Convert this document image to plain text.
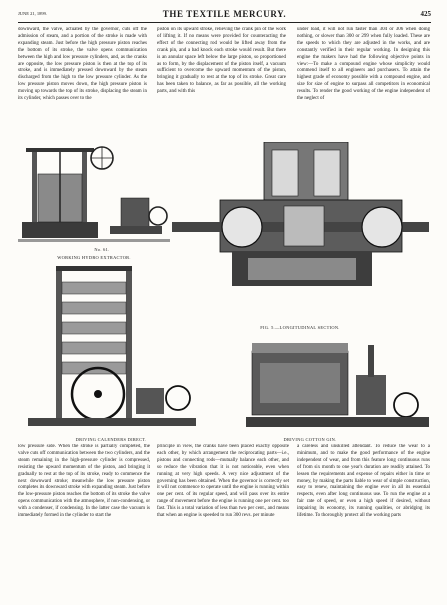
JUNE 21, 1899.	THE TEXTILE MERCURY.	425
downward, the valve, actuated by the governor, cuts off the admission of steam, and a portion of the stroke is made with expanding steam. Just before the high pressure piston reaches the bottom of its stroke, the valve opens communication between the high and low pressure cylinders, and, as the cranks are opposite, the low pressure piston is then at the top of its stroke, and is immediately pressed downward by the steam discharged from the high to the low pressure cylinder. As the low pressure piston moves down, the high pressure piston is moving up towards the top of its stroke, displacing the steam in its cylinder, which passes over to the
piston on its upward stroke, relieving the crank pin of the work of lifting it. If no means were provided for counteracting the effect of the connecting rod would be lifted away from the crank pin, and a bad knock each stroke would result. But there is an annular space left below the large piston, so proportioned as to form, by the displacement of the piston itself, a vacuum sufficient to overcome the upward momentum of the piston, bringing it gradually to rest at the top of its stroke. Great care has been taken to balance, as far as possible, all the working parts, and with this
under load, it will not run faster than 304 or 306 when doing nothing, or slower than 300 or 299 when fully loaded. These are the speeds to which they are adjusted in the works, and are constantly verified in their regular working. In designing this engine the makers have had the following objective points in view:—To make a compound engine whose simplicity would commend itself to all engineers and purchasers. To attain the highest grade of economy possible with a compound engine, and size for size of engine to surpass all competitors in economical results. To render the good working of the engine independent of the neglect of
No. 61.
WORKING HYDRO EXTRACTOR.
FIG. 5.—LONGITUDINAL SECTION.
DRIVING CALENDERS DIRECT.	DRIVING COTTON GIN.
low pressure side. When the stroke is partially completed, the valve cuts off communication between the two cylinders, and the steam remaining in the high-pressure cylinder is compressed, resisting the upward momentum of the piston, and bringing it gradually to rest at the top of its stroke, ready to commence the next downward stroke; meanwhile the low pressure piston completes its downward stroke with expanding steam. Just before the low-pressure piston reaches the bottom of its stroke the valve opens communication with the atmosphere, if non-condensing, or with a condenser, if condensing. In the latter case the vacuum is immediately formed in the cylinder to start the
principle in view, the cranks have been placed exactly opposite each other, by which arrangement the reciprocating parts—i.e., pistons and connecting rods—mutually balance each other, and so reduce the vibration that it is not noticeable, even when running at very high speeds. A very nice adjustment of the governing has been obtained. When the governor is correctly set it will not commence to operate until the engine is running within one per cent. of its regular speed, and will pass over its entire range of movement before the engine is running one per cent. too fast. This is a total variation of less than two per cent., and means that when an engine is speeded to run 300 revs. per minute
a careless and unskilled attendant. To reduce the wear to a minimum, and to make the good performance of the engine independent of wear, and from this feature long continuous runs of from six month to one year's duration are readily attained. To lessen the requirements and expense of repairs either in time or money, by making the parts liable to wear of simple construction, easy to renew, maintaining the engine ever in all its essential respects, even after long continuous use. To run the engine at a fair rate of speed, or even a high speed if desired, without impairing its economy, its running qualities, or abridging its lifetime. To thoroughly protect all the working parts
